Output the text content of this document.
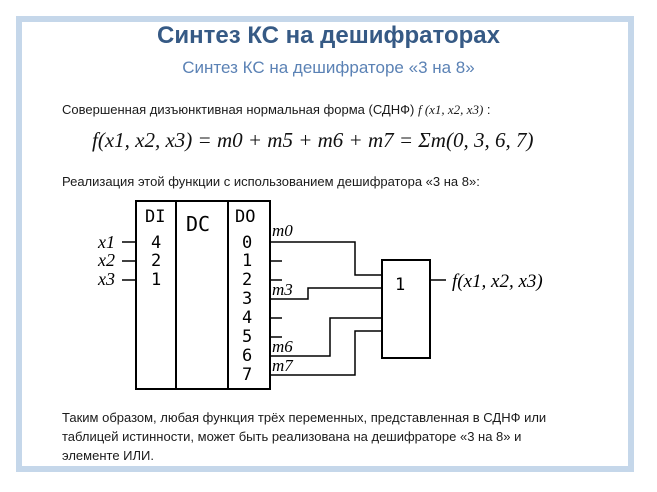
Синтез КС на дешифраторах
Синтез КС на дешифраторе «3 на 8»
Совершенная дизъюнктивная нормальная форма (СДНФ) f (x1, x2, x3) :
f(x1, x2, x3) = m0 + m5 + m6 + m7 = Σm(0, 3, 6, 7)
Реализация этой функции с использованием дешифратора «3 на 8»:
DI DC DO
x1 4
x2 2
x3 1
0
1
2
3
4
5
6
7
m0
m3
m6
m7
1 f(x1, x2, x3)
Таким образом, любая функция трёх переменных, представленная в СДНФ или
таблицей истинности, может быть реализована на дешифраторе «3 на 8» и
элементе ИЛИ.
